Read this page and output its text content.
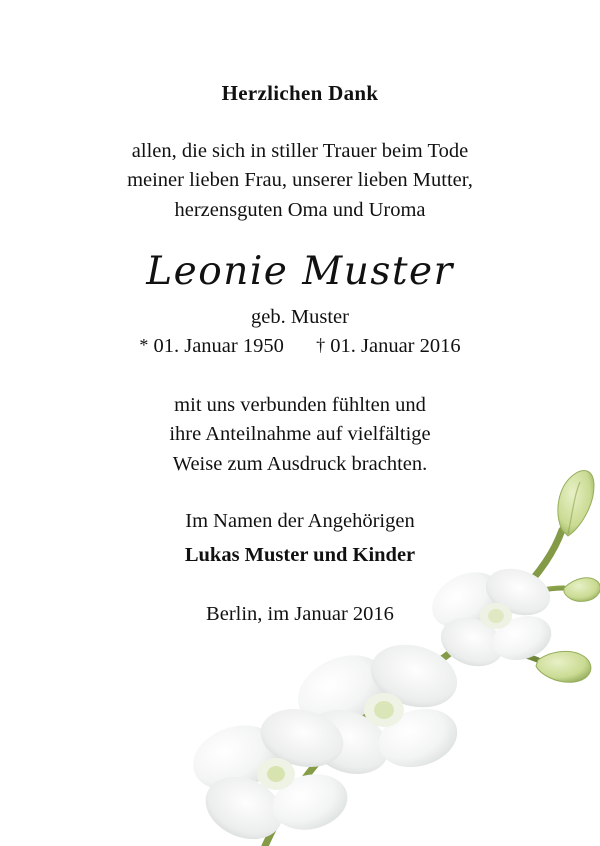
Herzlichen Dank
allen, die sich in stiller Trauer beim Tode
meiner lieben Frau, unserer lieben Mutter,
herzensguten Oma und Uroma
Leonie Muster
geb. Muster
* 01. Januar 1950 † 01. Januar 2016
mit uns verbunden fühlten und
ihre Anteilnahme auf vielfältige
Weise zum Ausdruck brachten.
Im Namen der Angehörigen
Lukas Muster und Kinder
Berlin, im Januar 2016
